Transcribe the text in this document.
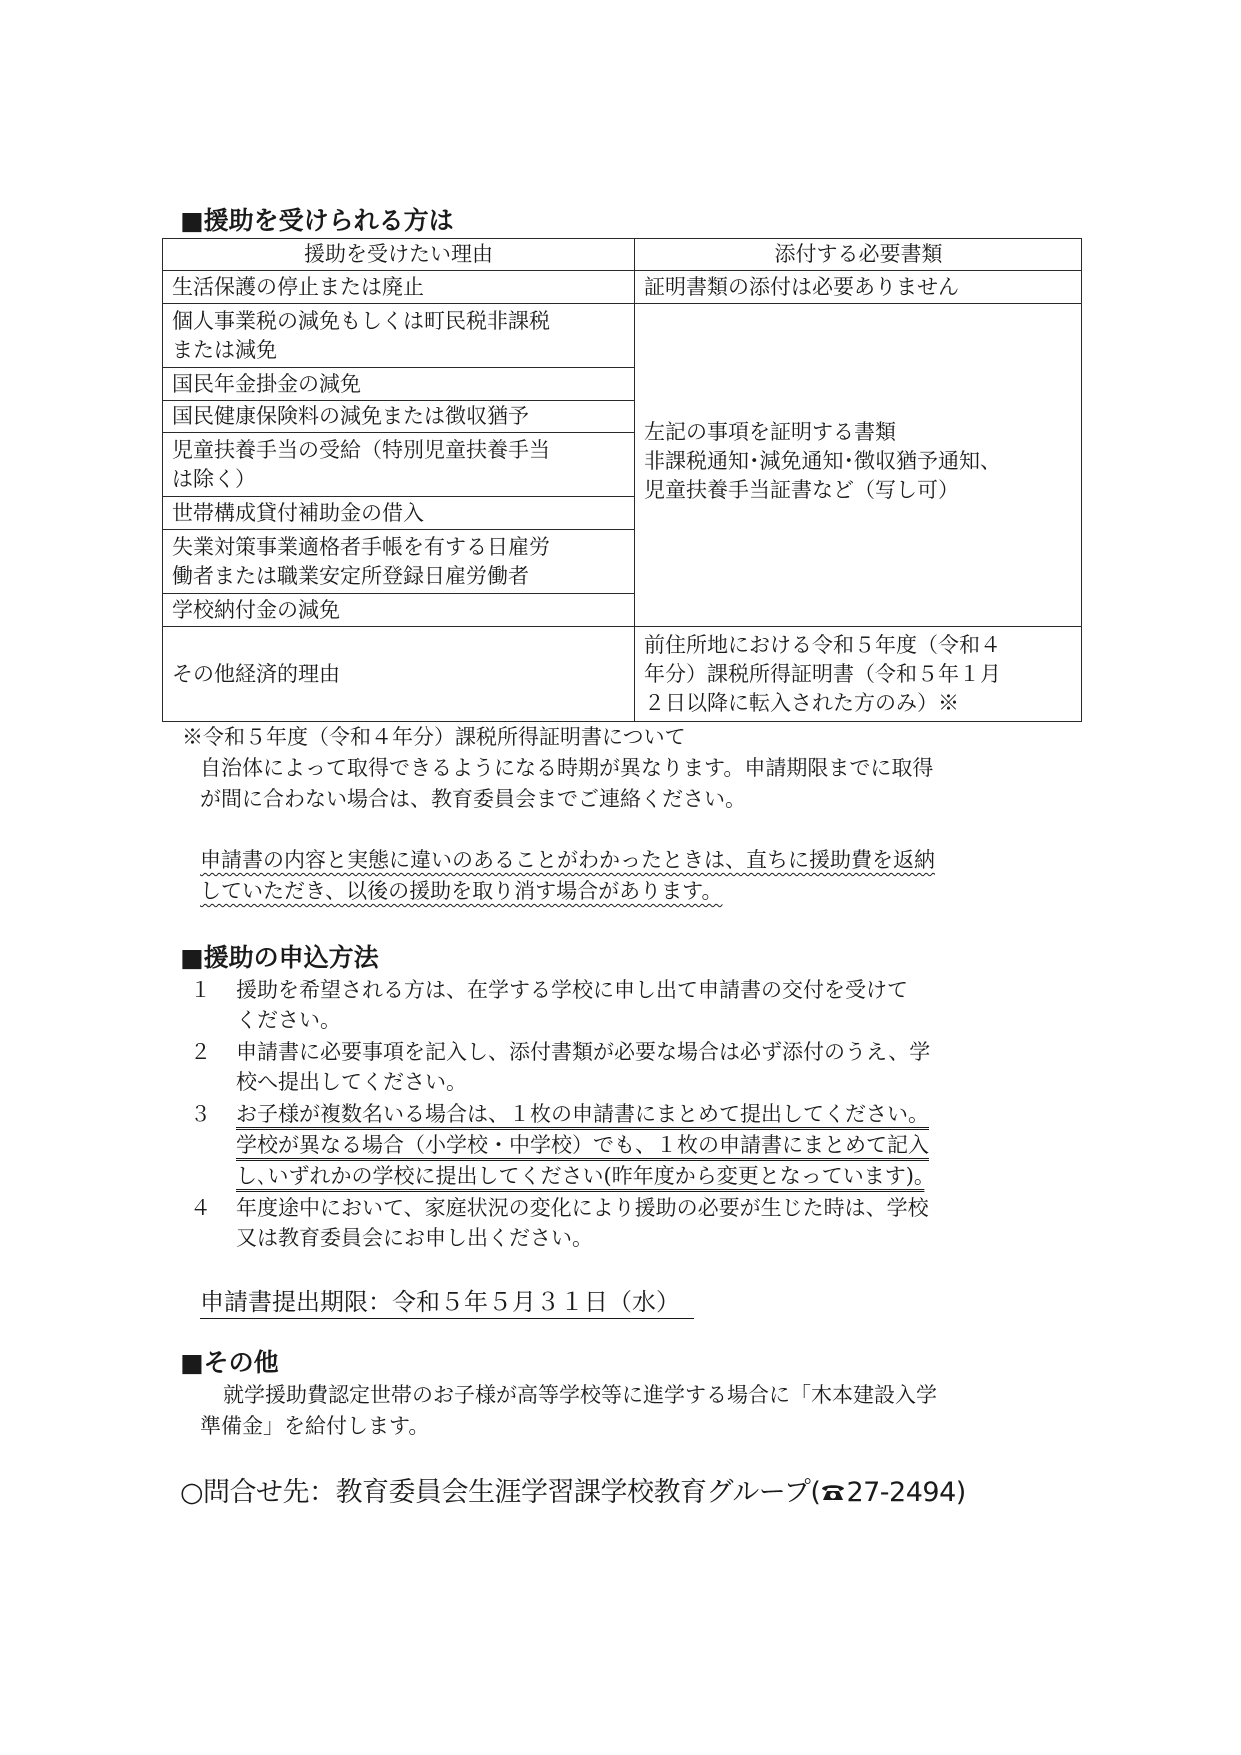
■援助を受けられる方は
援助を受けたい理由	添付する必要書類
生活保護の停止または廃止
個人事業税の減免もしくは町民税非課税
または減免
国民年金掛金の減免
国民健康保険料の減免または徴収猶予
児童扶養手当の受給（特別児童扶養手当
は除く）
世帯構成貸付補助金の借入
失業対策事業適格者手帳を有する日雇労
働者または職業安定所登録日雇労働者
学校納付金の減免
その他経済的理由
証明書類の添付は必要ありません
左記の事項を証明する書類
非課税通知･減免通知･徴収猶予通知、
児童扶養手当証書など（写し可）
前住所地における令和５年度（令和４
年分）課税所得証明書（令和５年１月
２日以降に転入された方のみ）※
※令和５年度（令和４年分）課税所得証明書について
自治体によって取得できるようになる時期が異なります。申請期限までに取得
が間に合わない場合は、教育委員会までご連絡ください。
申請書の内容と実態に違いのあることがわかったときは、直ちに援助費を返納
していただき、以後の援助を取り消す場合があります。
■援助の申込方法
１ 援助を希望される方は、在学する学校に申し出て申請書の交付を受けて
ください。
２ 申請書に必要事項を記入し、添付書類が必要な場合は必ず添付のうえ、学
校へ提出してください。
３ お子様が複数名いる場合は、１枚の申請書にまとめて提出してください。
学校が異なる場合（小学校・中学校）でも、１枚の申請書にまとめて記入
し､いずれかの学校に提出してください(昨年度から変更となっています)｡
４ 年度途中において、家庭状況の変化により援助の必要が生じた時は、学校
又は教育委員会にお申し出ください。
申請書提出期限：令和５年５月３１日（水）
■その他
就学援助費認定世帯のお子様が高等学校等に進学する場合に「木本建設入学
準備金」を給付します。
○問合せ先：教育委員会生涯学習課学校教育グループ( 27-2494)
